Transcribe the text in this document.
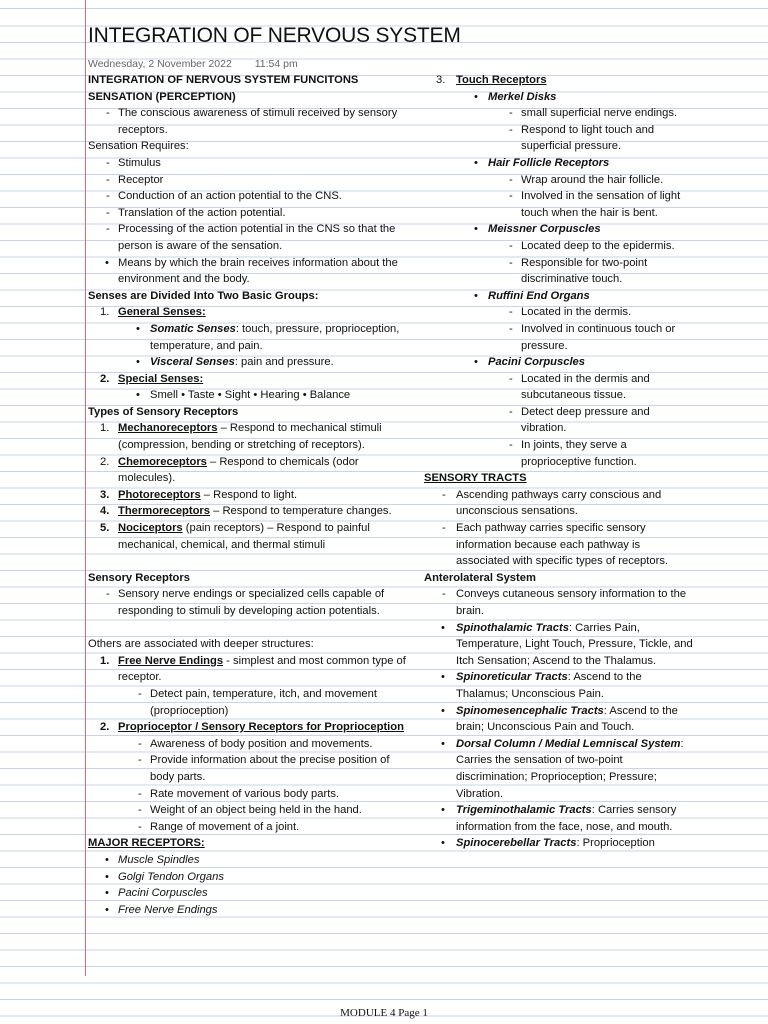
INTEGRATION OF NERVOUS SYSTEM
Wednesday, 2 November 2022 11:54 pm

INTEGRATION OF NERVOUS SYSTEM FUNCITONS

SENSATION (PERCEPTION)

- The conscious awareness of stimuli received by sensory receptors.

Sensation Requires:

- Stimulus
- Receptor
- Conduction of an action potential to the CNS.
- Translation of the action potential.
- Processing of the action potential in the CNS so that the person is aware of the sensation.
• Means by which the brain receives information about the environment and the body.

Senses are Divided Into Two Basic Groups:

1. General Senses:
• Somatic Senses: touch, pressure, proprioception, temperature, and pain.
• Visceral Senses: pain and pressure.
2. Special Senses:
• Smell • Taste • Sight • Hearing • Balance

Types of Sensory Receptors

1. Mechanoreceptors – Respond to mechanical stimuli (compression, bending or stretching of receptors).
2. Chemoreceptors – Respond to chemicals (odor molecules).
3. Photoreceptors – Respond to light.
4. Thermoreceptors – Respond to temperature changes.
5. Nociceptors (pain receptors) – Respond to painful mechanical, chemical, and thermal stimuli

Sensory Receptors

- Sensory nerve endings or specialized cells capable of responding to stimuli by developing action potentials.

Others are associated with deeper structures:

1. Free Nerve Endings - simplest and most common type of receptor.
- Detect pain, temperature, itch, and movement (proprioception)
2. Proprioceptor / Sensory Receptors for Proprioception
- Awareness of body position and movements.
- Provide information about the precise position of body parts.
- Rate movement of various body parts.
- Weight of an object being held in the hand.
- Range of movement of a joint.

MAJOR RECEPTORS:

• Muscle Spindles
• Golgi Tendon Organs
• Pacini Corpuscles
• Free Nerve Endings
3. Touch Receptors
• Merkel Disks
- small superficial nerve endings.
- Respond to light touch and superficial pressure.
• Hair Follicle Receptors
- Wrap around the hair follicle.
- Involved in the sensation of light touch when the hair is bent.
• Meissner Corpuscles
- Located deep to the epidermis.
- Responsible for two-point discriminative touch.
• Ruffini End Organs
- Located in the dermis.
- Involved in continuous touch or pressure.
• Pacini Corpuscles
- Located in the dermis and subcutaneous tissue.
- Detect deep pressure and vibration.
- In joints, they serve a proprioceptive function.

SENSORY TRACTS

- Ascending pathways carry conscious and unconscious sensations.
- Each pathway carries specific sensory information because each pathway is associated with specific types of receptors.

Anterolateral System

- Conveys cutaneous sensory information to the brain.
• Spinothalamic Tracts: Carries Pain, Temperature, Light Touch, Pressure, Tickle, and Itch Sensation; Ascend to the Thalamus.
• Spinoreticular Tracts: Ascend to the Thalamus; Unconscious Pain.
• Spinomesencephalic Tracts: Ascend to the brain; Unconscious Pain and Touch.
• Dorsal Column / Medial Lemniscal System: Carries the sensation of two-point discrimination; Proprioception; Pressure; Vibration.
• Trigeminothalamic Tracts: Carries sensory information from the face, nose, and mouth.
• Spinocerebellar Tracts: Proprioception
MODULE 4 Page 1
